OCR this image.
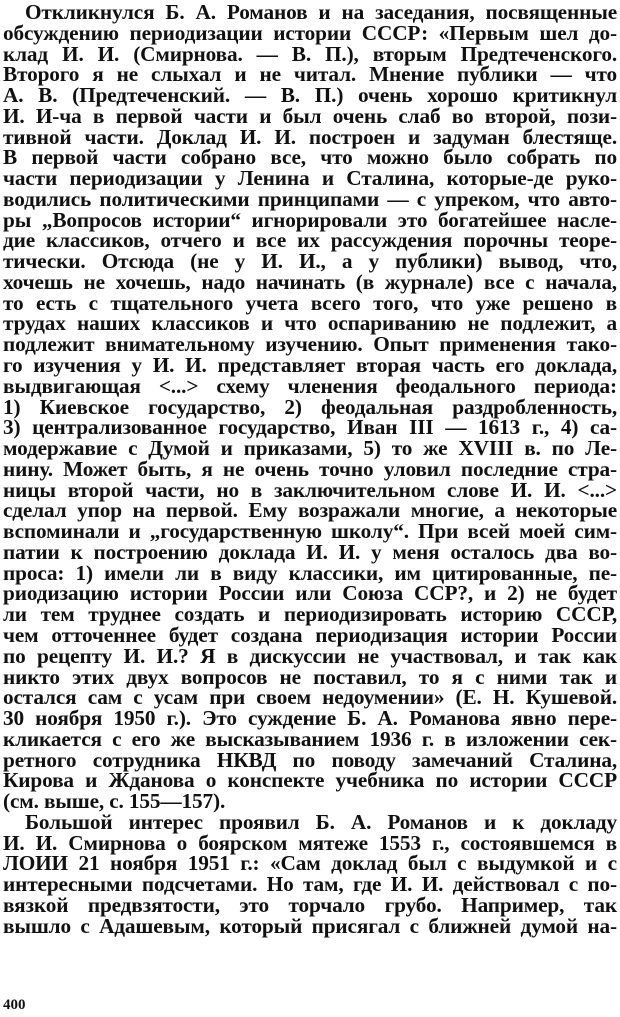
Откликнулся Б. А. Романов и на заседания, посвященные
обсуждению периодизации истории СССР: «Первым шел до-
клад И. И. (Смирнова. — В. П.), вторым Предтеченского.
Второго я не слыхал и не читал. Мнение публики — что
А. В. (Предтеченский. — В. П.) очень хорошо критикнул
И. И-ча в первой части и был очень слаб во второй, пози-
тивной части. Доклад И. И. построен и задуман блестяще.
В первой части собрано все, что можно было собрать по
части периодизации у Ленина и Сталина, которые-де руко-
водились политическими принципами — с упреком, что авто-
ры „Вопросов истории“ игнорировали это богатейшее насле-
дие классиков, отчего и все их рассуждения порочны теоре-
тически. Отсюда (не у И. И., а у публики) вывод, что,
хочешь не хочешь, надо начинать (в журнале) все с начала,
то есть с тщательного учета всего того, что уже решено в
трудах наших классиков и что оспариванию не подлежит, а
подлежит внимательному изучению. Опыт применения тако-
го изучения у И. И. представляет вторая часть его доклада,
выдвигающая <...> схему членения феодального периода:
1) Киевское государство, 2) феодальная раздробленность,
3) централизованное государство, Иван III — 1613 г., 4) са-
модержавие с Думой и приказами, 5) то же XVIII в. по Ле-
нину. Может быть, я не очень точно уловил последние стра-
ницы второй части, но в заключительном слове И. И. <...>
сделал упор на первой. Ему возражали многие, а некоторые
вспоминали и „государственную школу“. При всей моей сим-
патии к построению доклада И. И. у меня осталось два во-
проса: 1) имели ли в виду классики, им цитированные, пе-
риодизацию истории России или Союза ССР?, и 2) не будет
ли тем труднее создать и периодизировать историю СССР,
чем отточеннее будет создана периодизация истории России
по рецепту И. И.? Я в дискуссии не участвовал, и так как
никто этих двух вопросов не поставил, то я с ними так и
остался сам с усам при своем недоумении» (Е. Н. Кушевой.
30 ноября 1950 г.). Это суждение Б. А. Романова явно пере-
кликается с его же высказыванием 1936 г. в изложении сек-
ретного сотрудника НКВД по поводу замечаний Сталина,
Кирова и Жданова о конспекте учебника по истории СССР
(см. выше, с. 155—157).
Большой интерес проявил Б. А. Романов и к докладу
И. И. Смирнова о боярском мятеже 1553 г., состоявшемся в
ЛОИИ 21 ноября 1951 г.: «Сам доклад был с выдумкой и с
интересными подсчетами. Но там, где И. И. действовал с по-
вязкой предвзятости, это торчало грубо. Например, так
вышло с Адашевым, который присягал с ближней думой на-
400
